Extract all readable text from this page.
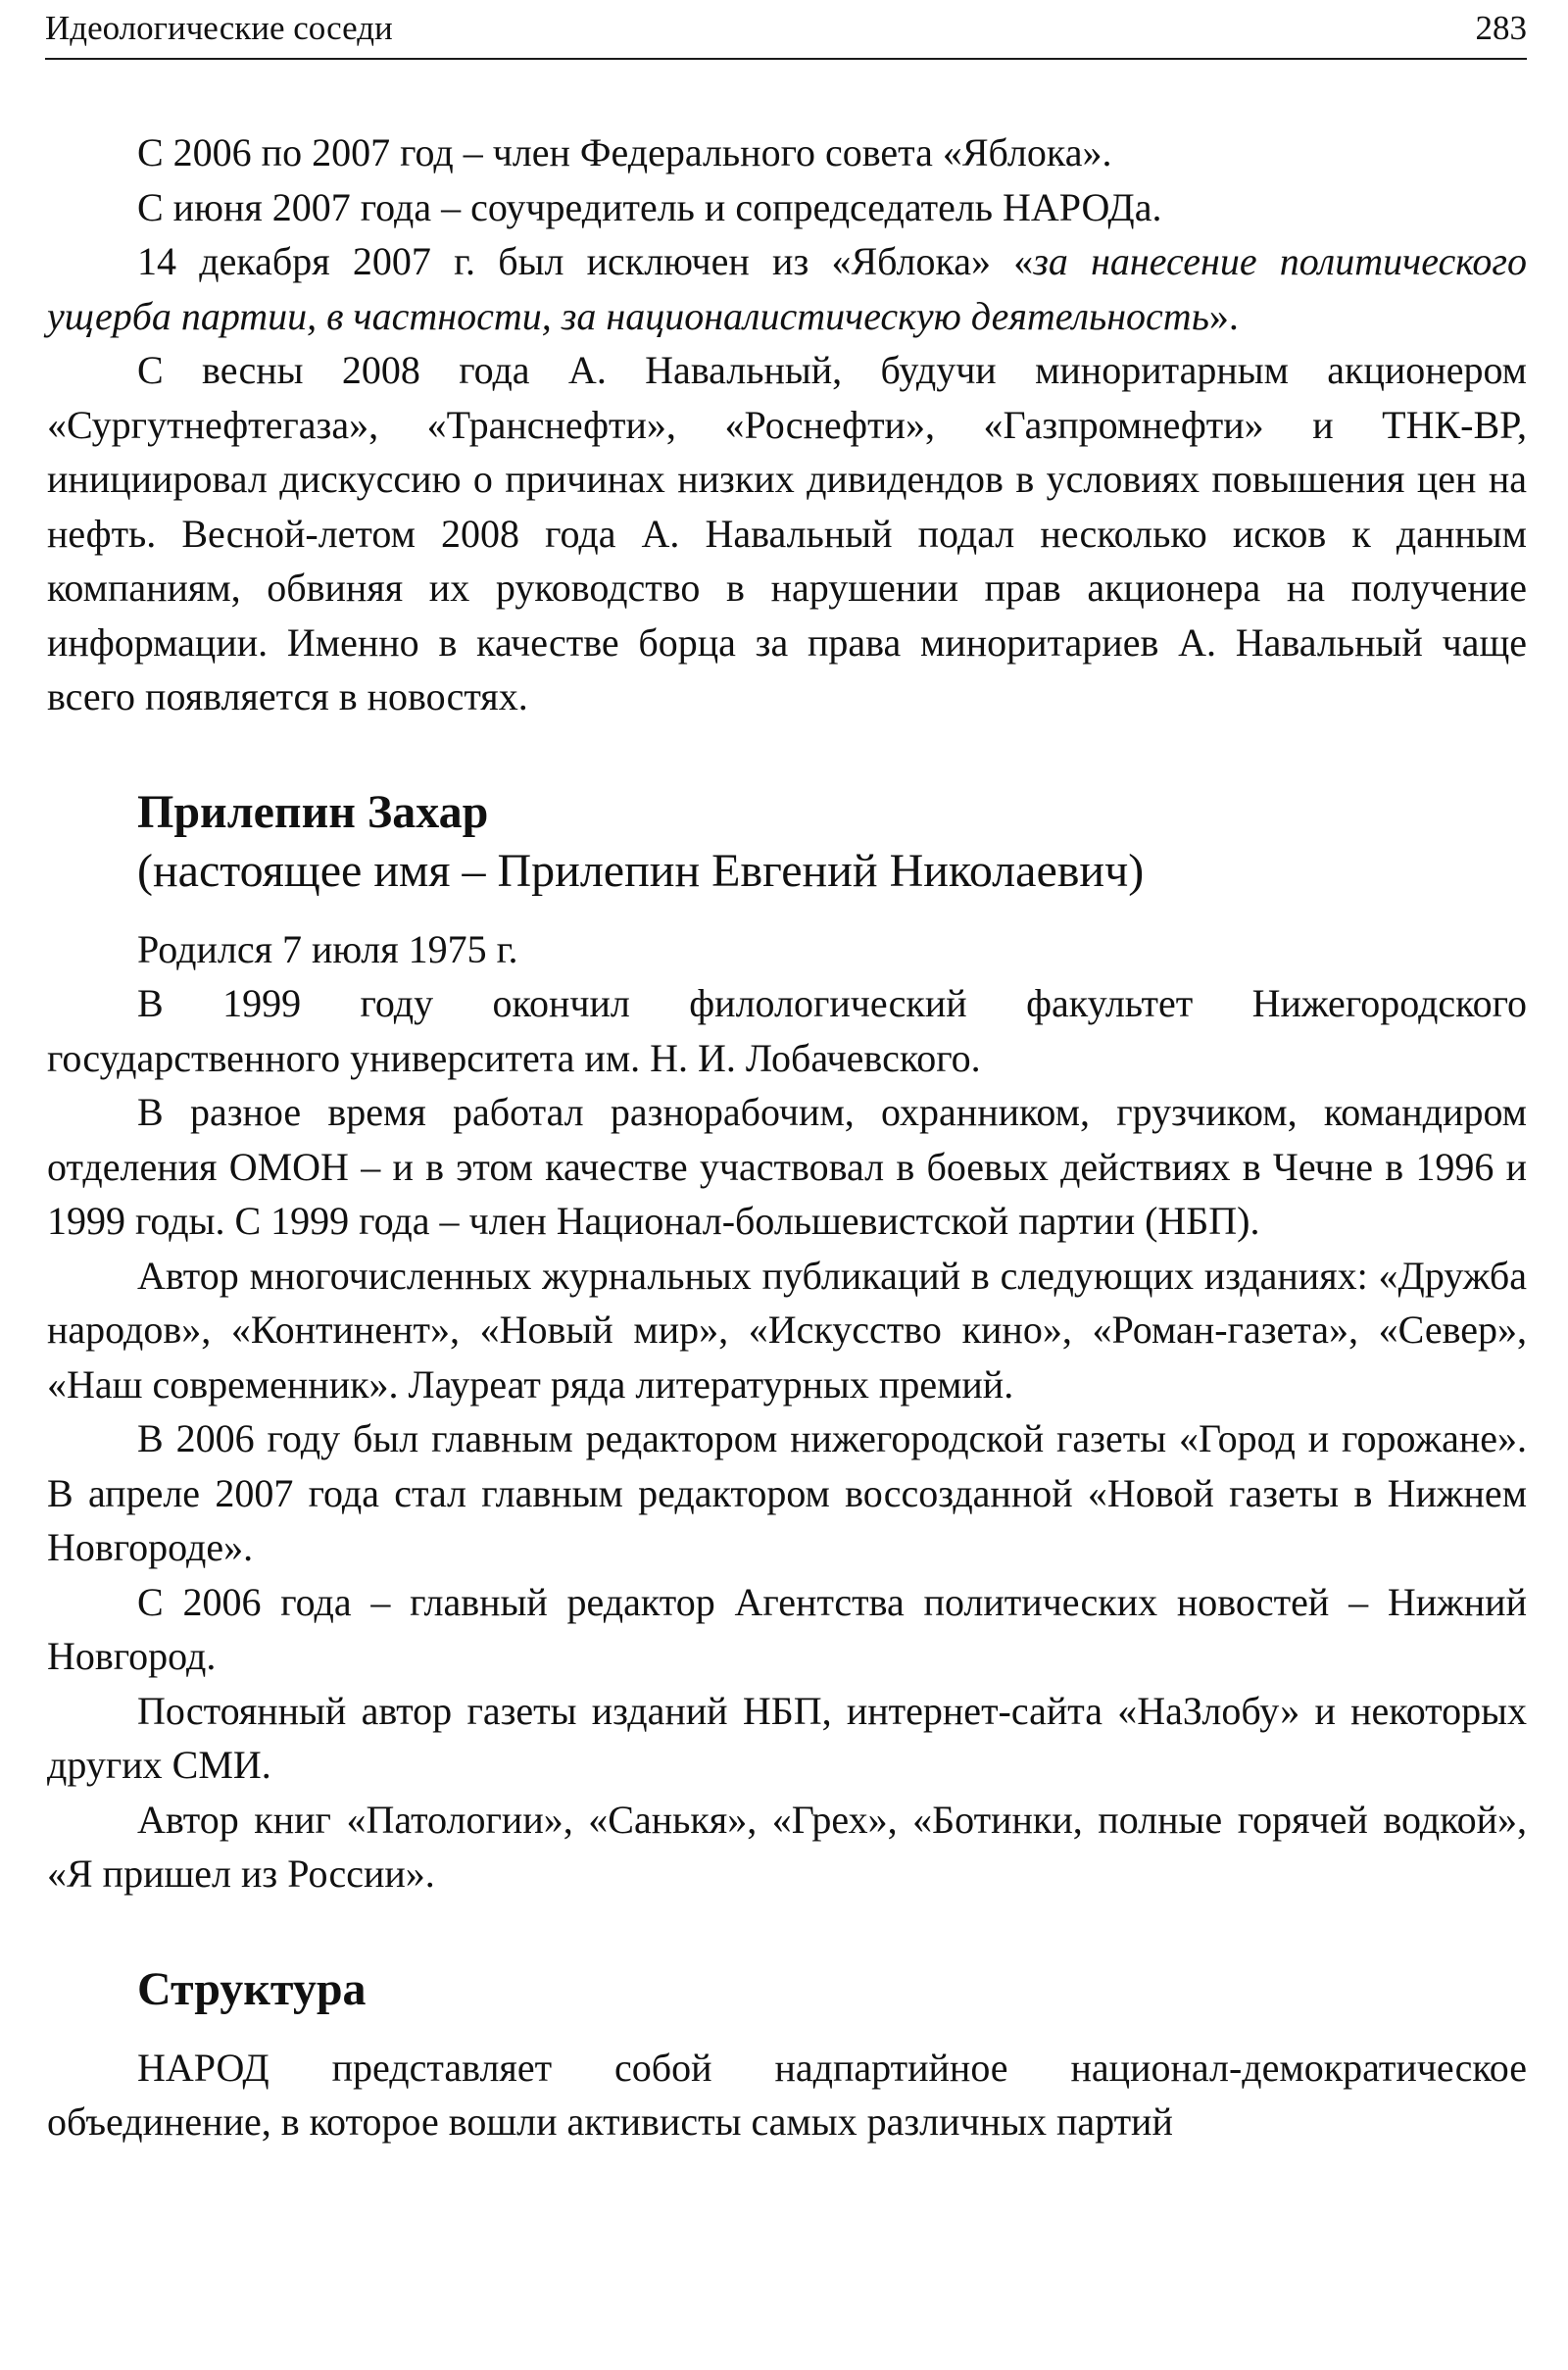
Идеологические соседи	283

С 2006 по 2007 год – член Федерального совета «Яблока».

С июня 2007 года – соучредитель и сопредседатель НАРОДа.

14 декабря 2007 г. был исключен из «Яблока» «за нанесение политического ущерба партии, в частности, за националистическую деятельность».

С весны 2008 года А. Навальный, будучи миноритарным акционером «Сургутнефтегаза», «Транснефти», «Роснефти», «Газпромнефти» и ТНК-BP, инициировал дискуссию о причинах низких дивидендов в условиях повышения цен на нефть. Весной-летом 2008 года А. Навальный подал несколько исков к данным компаниям, обвиняя их руководство в нарушении прав акционера на получение информации. Именно в качестве борца за права миноритариев А. Навальный чаще всего появляется в новостях.

Прилепин Захар
(настоящее имя – Прилепин Евгений Николаевич)

Родился 7 июля 1975 г.

В 1999 году окончил филологический факультет Нижегородского государственного университета им. Н. И. Лобачевского.

В разное время работал разнорабочим, охранником, грузчиком, командиром отделения ОМОН – и в этом качестве участвовал в боевых действиях в Чечне в 1996 и 1999 годы. С 1999 года – член Национал-большевистской партии (НБП).

Автор многочисленных журнальных публикаций в следующих изданиях: «Дружба народов», «Континент», «Новый мир», «Искусство кино», «Роман-газета», «Север», «Наш современник». Лауреат ряда литературных премий.

В 2006 году был главным редактором нижегородской газеты «Город и горожане». В апреле 2007 года стал главным редактором воссозданной «Новой газеты в Нижнем Новгороде».

С 2006 года – главный редактор Агентства политических новостей – Нижний Новгород.

Постоянный автор газеты изданий НБП, интернет-сайта «НаЗлобу» и некоторых других СМИ.

Автор книг «Патологии», «Санькя», «Грех», «Ботинки, полные горячей водкой», «Я пришел из России».

Структура

НАРОД представляет собой надпартийное национал-демократическое объединение, в которое вошли активисты самых различных партий
